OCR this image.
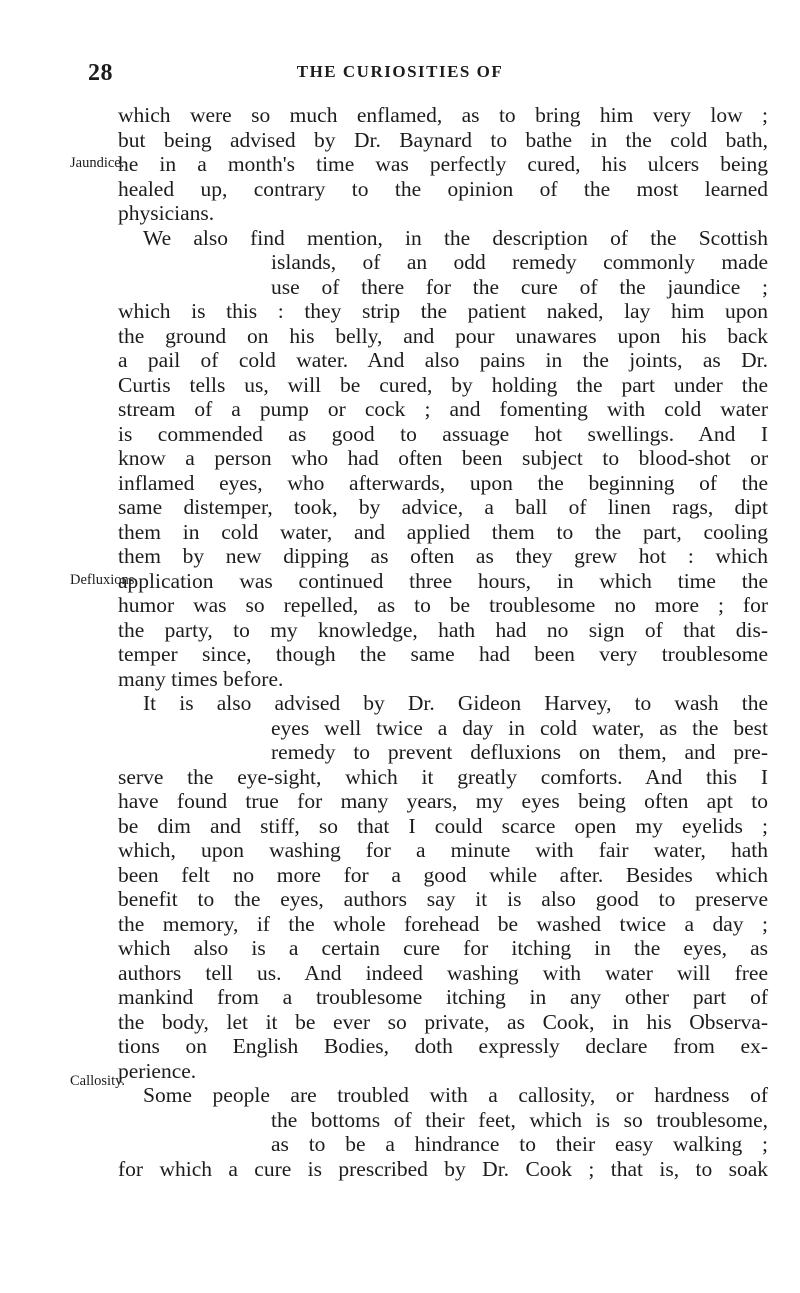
28	THE CURIOSITIES OF
Jaundice.
Defluxions.
Callosity.
which were so much enflamed, as to bring him very low ;
but being advised by Dr. Baynard to bathe in the cold bath,
he in a month's time was perfectly cured, his ulcers being
healed up, contrary to the opinion of the most learned
physicians.
We also find mention, in the description of the Scottish
islands, of an odd remedy commonly made
use of there for the cure of the jaundice ;
which is this : they strip the patient naked, lay him upon
the ground on his belly, and pour unawares upon his back
a pail of cold water. And also pains in the joints, as Dr.
Curtis tells us, will be cured, by holding the part under the
stream of a pump or cock ; and fomenting with cold water
is commended as good to assuage hot swellings. And I
know a person who had often been subject to blood-shot or
inflamed eyes, who afterwards, upon the beginning of the
same distemper, took, by advice, a ball of linen rags, dipt
them in cold water, and applied them to the part, cooling
them by new dipping as often as they grew hot : which
application was continued three hours, in which time the
humor was so repelled, as to be troublesome no more ; for
the party, to my knowledge, hath had no sign of that dis-
temper since, though the same had been very troublesome
many times before.
It is also advised by Dr. Gideon Harvey, to wash the
eyes well twice a day in cold water, as the best
remedy to prevent defluxions on them, and pre-
serve the eye-sight, which it greatly comforts. And this I
have found true for many years, my eyes being often apt to
be dim and stiff, so that I could scarce open my eyelids ;
which, upon washing for a minute with fair water, hath
been felt no more for a good while after. Besides which
benefit to the eyes, authors say it is also good to preserve
the memory, if the whole forehead be washed twice a day ;
which also is a certain cure for itching in the eyes, as
authors tell us. And indeed washing with water will free
mankind from a troublesome itching in any other part of
the body, let it be ever so private, as Cook, in his Observa-
tions on English Bodies, doth expressly declare from ex-
perience.
Some people are troubled with a callosity, or hardness of
the bottoms of their feet, which is so troublesome,
as to be a hindrance to their easy walking ;
for which a cure is prescribed by Dr. Cook ; that is, to soak
